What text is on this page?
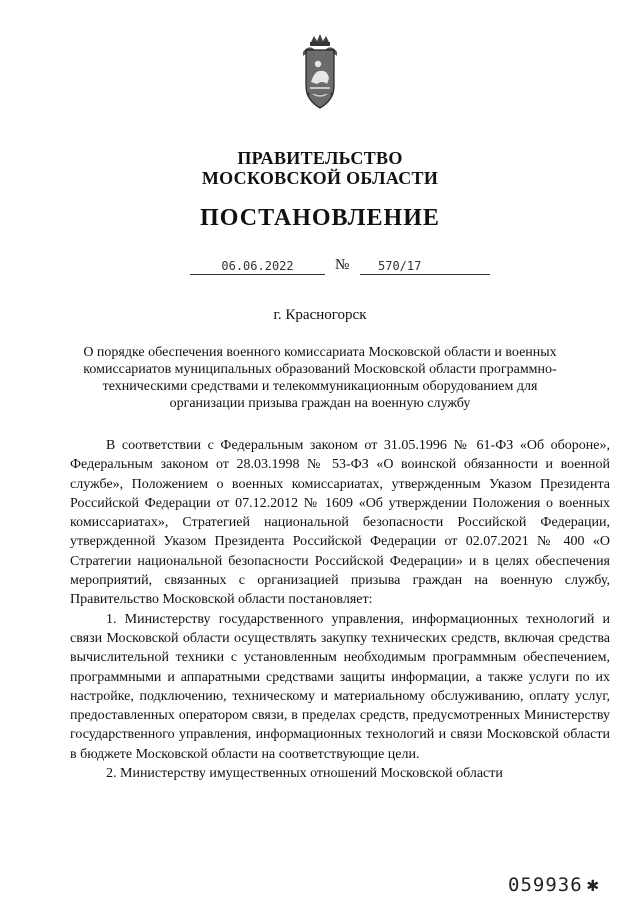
ПРАВИТЕЛЬСТВО
МОСКОВСКОЙ ОБЛАСТИ
ПОСТАНОВЛЕНИЕ
06.06.2022	№	570/17
г. Красногорск
О порядке обеспечения военного комиссариата Московской области и военных комиссариатов муниципальных образований Московской области программно-техническими средствами и телекоммуникационным оборудованием для организации призыва граждан на военную службу

В соответствии с Федеральным законом от 31.05.1996 № 61-ФЗ «Об обороне», Федеральным законом от 28.03.1998 № 53-ФЗ «О воинской обязанности и военной службе», Положением о военных комиссариатах, утвержденным Указом Президента Российской Федерации от 07.12.2012 № 1609 «Об утверждении Положения о военных комиссариатах», Стратегией национальной безопасности Российской Федерации, утвержденной Указом Президента Российской Федерации от 02.07.2021 № 400 «О Стратегии национальной безопасности Российской Федерации» и в целях обеспечения мероприятий, связанных с организацией призыва граждан на военную службу, Правительство Московской области постановляет:

1. Министерству государственного управления, информационных технологий и связи Московской области осуществлять закупку технических средств, включая средства вычислительной техники с установленным необходимым программным обеспечением, программными и аппаратными средствами защиты информации, а также услуги по их настройке, подключению, техническому и материальному обслуживанию, оплату услуг, предоставленных оператором связи, в пределах средств, предусмотренных Министерству государственного управления, информационных технологий и связи Московской области в бюджете Московской области на соответствующие цели.

2. Министерству имущественных отношений Московской области

059936 ✱
